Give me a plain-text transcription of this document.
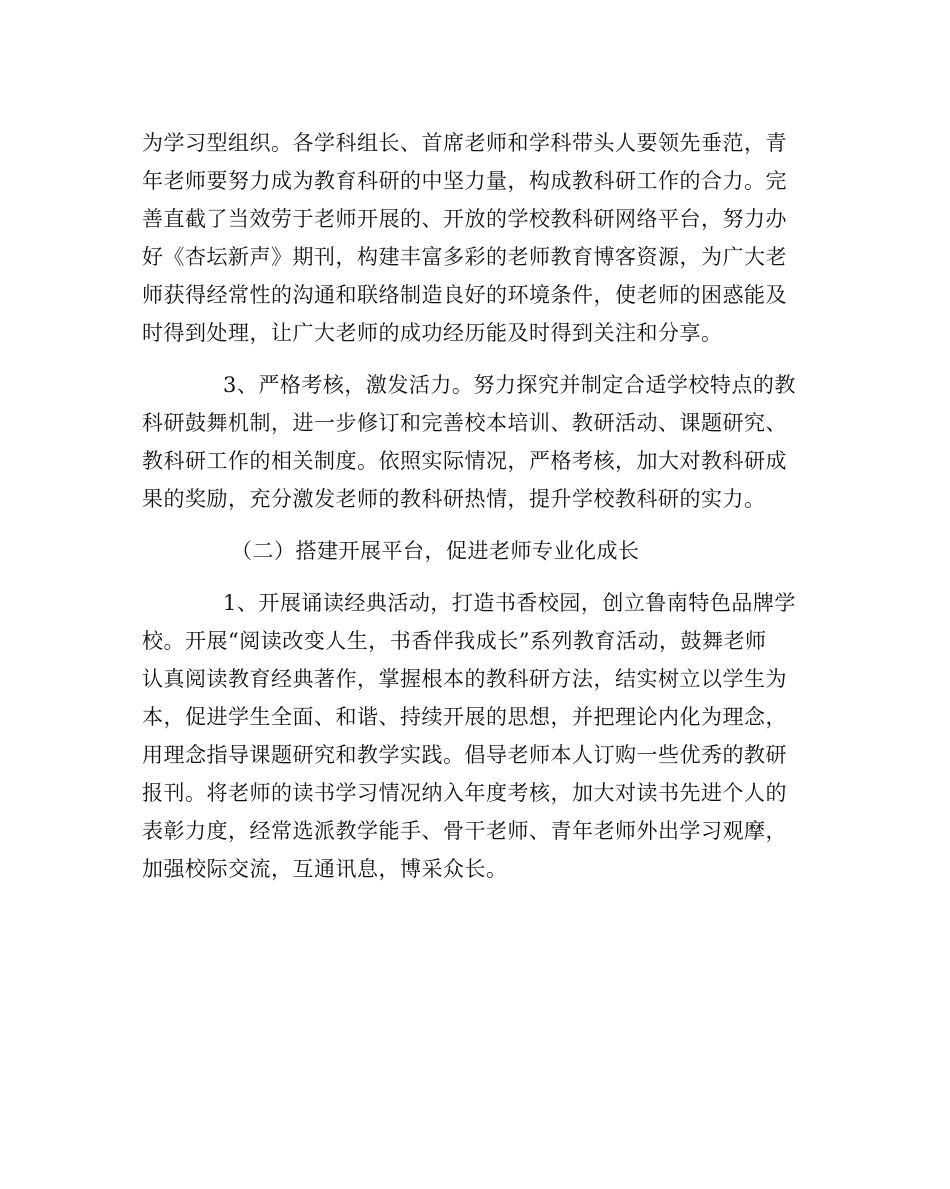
为学习型组织。各学科组长、首席老师和学科带头人要领先垂范，青
年老师要努力成为教育科研的中坚力量，构成教科研工作的合力。完
善直截了当效劳于老师开展的、开放的学校教科研网络平台，努力办
好《杏坛新声》期刊，构建丰富多彩的老师教育博客资源，为广大老
师获得经常性的沟通和联络制造良好的环境条件，使老师的困惑能及
时得到处理，让广大老师的成功经历能及时得到关注和分享。
3、严格考核，激发活力。努力探究并制定合适学校特点的教
科研鼓舞机制，进一步修订和完善校本培训、教研活动、课题研究、
教科研工作的相关制度。依照实际情况，严格考核，加大对教科研成
果的奖励，充分激发老师的教科研热情，提升学校教科研的实力。
（二）搭建开展平台，促进老师专业化成长
1、开展诵读经典活动，打造书香校园，创立鲁南特色品牌学
校。开展“阅读改变人生，书香伴我成长”系列教育活动，鼓舞老师
认真阅读教育经典著作，掌握根本的教科研方法，结实树立以学生为
本，促进学生全面、和谐、持续开展的思想，并把理论内化为理念，
用理念指导课题研究和教学实践。倡导老师本人订购一些优秀的教研
报刊。将老师的读书学习情况纳入年度考核，加大对读书先进个人的
表彰力度，经常选派教学能手、骨干老师、青年老师外出学习观摩，
加强校际交流，互通讯息，博采众长。
